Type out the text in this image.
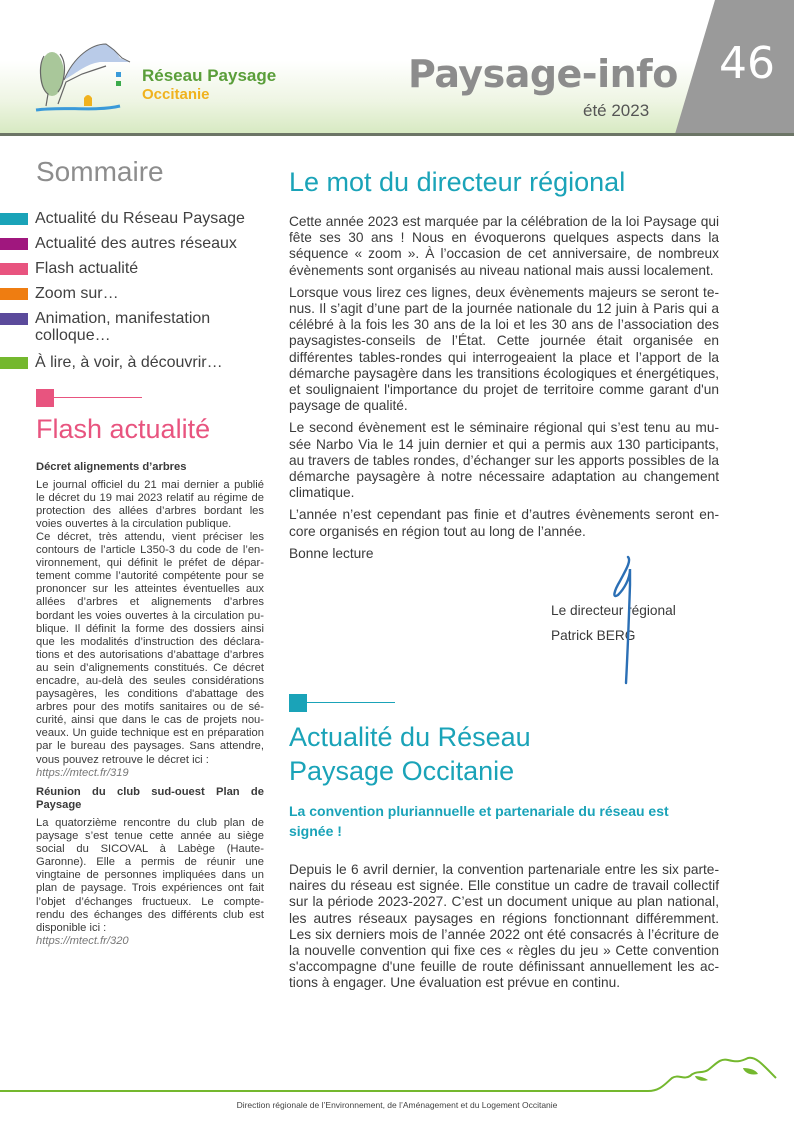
Réseau Paysage
Occitanie	Paysage-info
été 2023
46
Sommaire
Actualité du Réseau Paysage
Actualité des autres réseaux
Flash actualité
Zoom sur…
Animation, manifestation colloque…
À lire, à voir, à découvrir…
Flash actualité
Décret alignements d’arbres

Le journal officiel du 21 mai dernier a publié le décret du 19 mai 2023 relatif au régime de protection des allées d’arbres bordant les voies ouvertes à la circulation publique.

Ce décret, très attendu, vient préciser les contours de l’article L350-3 du code de l’environnement, qui définit le préfet de département comme l’autorité compétente pour se prononcer sur les atteintes éventuelles aux allées d’arbres et alignements d’arbres bordant les voies ouvertes à la circulation publique. Il définit la forme des dossiers ainsi que les modalités d’instruction des déclarations et des autorisations d’abattage d’arbres au sein d’alignements constitués. Ce décret encadre, au-delà des seules considérations paysagères, les conditions d'abattage des arbres pour des motifs sanitaires ou de sécurité, ainsi que dans le cas de projets nouveaux. Un guide technique est en préparation par le bureau des paysages. Sans attendre, vous pouvez retrouve le décret ici :

https://mtect.fr/319

Réunion du club sud-ouest Plan de Paysage

La quatorzième rencontre du club plan de paysage s’est tenue cette année au siège social du SICOVAL à Labège (Haute-Garonne). Elle a permis de réunir une vingtaine de personnes impliquées dans un plan de paysage. Trois expériences ont fait l’objet d’échanges fructueux. Le compte-rendu des échanges des différents club est disponible ici :

https://mtect.fr/320

Le mot du directeur régional

Cette année 2023 est marquée par la célébration de la loi Paysage qui fête ses 30 ans ! Nous en évoquerons quelques aspects dans la séquence « zoom ». À l’occasion de cet anniversaire, de nombreux évènements sont organisés au niveau national mais aussi localement.

Lorsque vous lirez ces lignes, deux évènements majeurs se seront tenus. Il s’agit d’une part de la journée nationale du 12 juin à Paris qui a célébré à la fois les 30 ans de la loi et les 30 ans de l’association des paysagistes-conseils de l’État. Cette journée était organisée en différentes tables-rondes qui interrogeaient la place et l’apport de la démarche paysagère dans les transitions écologiques et énergétiques, et soulignaient l'importance du projet de territoire comme garant d'un paysage de qualité.

Le second évènement est le séminaire régional qui s’est tenu au musée Narbo Via le 14 juin dernier et qui a permis aux 130 participants, au travers de tables rondes, d’échanger sur les apports possibles de la démarche paysagère à notre nécessaire adaptation au changement climatique.

L’année n’est cependant pas finie et d’autres évènements seront encore organisés en région tout au long de l’année.

Bonne lecture

Le directeur régional
Patrick BERG
Actualité du Réseau
Paysage Occitanie
La convention pluriannuelle et partenariale du réseau est signée !
Depuis le 6 avril dernier, la convention partenariale entre les six partenaires du réseau est signée. Elle constitue un cadre de travail collectif sur la période 2023-2027. C’est un document unique au plan national, les autres réseaux paysages en régions fonctionnant différemment. Les six derniers mois de l’année 2022 ont été consacrés à l’écriture de la nouvelle convention qui fixe ces « règles du jeu » Cette convention s'accompagne d'une feuille de route définissant annuellement les actions à engager. Une évaluation est prévue en continu.
Direction régionale de l’Environnement, de l’Aménagement et du Logement Occitanie
